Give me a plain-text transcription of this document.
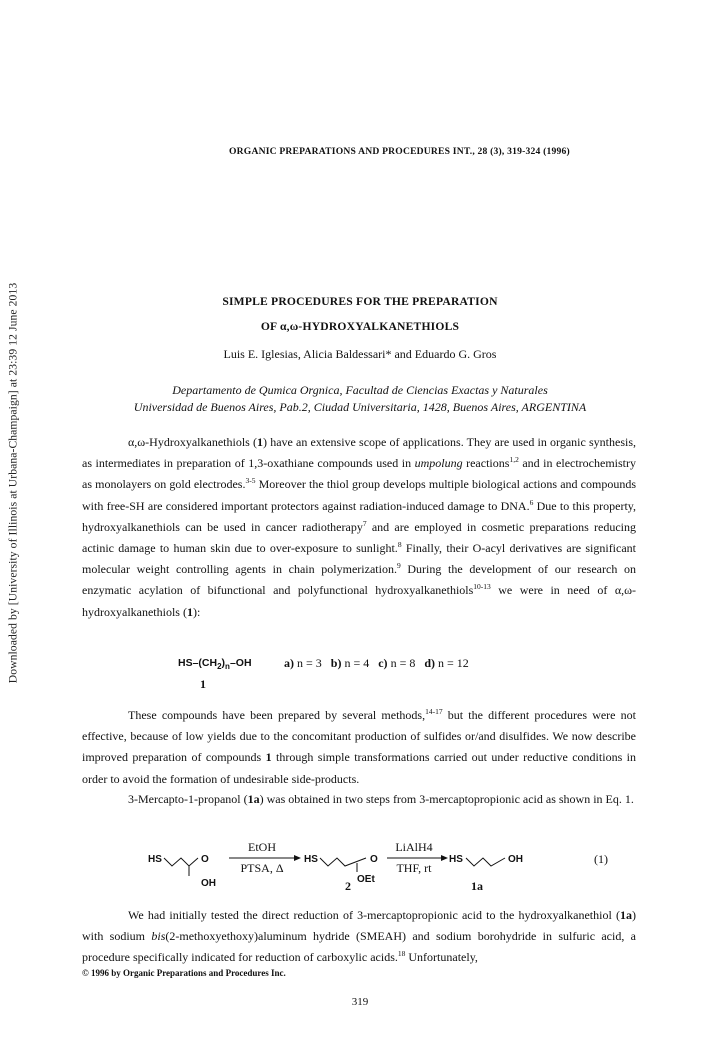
Downloaded by [University of Illinois at Urbana-Champaign] at 23:39 12 June 2013
ORGANIC PREPARATIONS AND PROCEDURES INT., 28 (3), 319-324 (1996)
SIMPLE PROCEDURES FOR THE PREPARATION
OF α,ω-HYDROXYALKANETHIOLS
Luis E. Iglesias, Alicia Baldessari* and Eduardo G. Gros
Departamento de Qumica Orgnica, Facultad de Ciencias Exactas y Naturales
Universidad de Buenos Aires, Pab.2, Ciudad Universitaria, 1428, Buenos Aires, ARGENTINA

α,ω-Hydroxyalkanethiols (1) have an extensive scope of applications. They are used in organic synthesis, as intermediates in preparation of 1,3-oxathiane compounds used in umpolung reactions$^{1,2}$ and in electrochemistry as monolayers on gold electrodes.$^{3-5}$ Moreover the thiol group develops multiple biological actions and compounds with free-SH are considered important protectors against radiation-induced damage to DNA.$^6$ Due to this property, hydroxyalkanethiols can be used in cancer radiotherapy$^7$ and are employed in cosmetic preparations reducing actinic damage to human skin due to over-exposure to sunlight.$^8$ Finally, their O-acyl derivatives are significant molecular weight controlling agents in chain polymerization.$^9$ During the development of our research on enzymatic acylation of bifunctional and polyfunctional hydroxyalkanethiols$^{10-13}$ we were in need of α,ω-hydroxyalkanethiols (1):

$HS-(CH_2)_n-OH$	a) n = 3 b) n = 4 c) n = 8 d) n = 12
1

These compounds have been prepared by several methods,$^{14-17}$ but the different procedures were not effective, because of low yields due to the concomitant production of sulfides or/and disulfides. We now describe improved preparation of compounds 1 through simple transformations carried out under reductive conditions in order to avoid the formation of undesirable side-products.

3-Mercapto-1-propanol (1a) was obtained in two steps from 3-mercaptopropionic acid as shown in Eq. 1.

HS	O
OH
HS	O
OEt
HS	OH
EtOH
PTSA, Δ
LiAlH4
THF, rt
2	1a
(1)

We had initially tested the direct reduction of 3-mercaptopropionic acid to the hydroxyalkanethiol (1a) with sodium bis(2-methoxyethoxy)aluminum hydride (SMEAH) and sodium borohydride in sulfuric acid, a procedure specifically indicated for reduction of carboxylic acids.$^{18}$ Unfortunately,

© 1996 by Organic Preparations and Procedures Inc.
319
